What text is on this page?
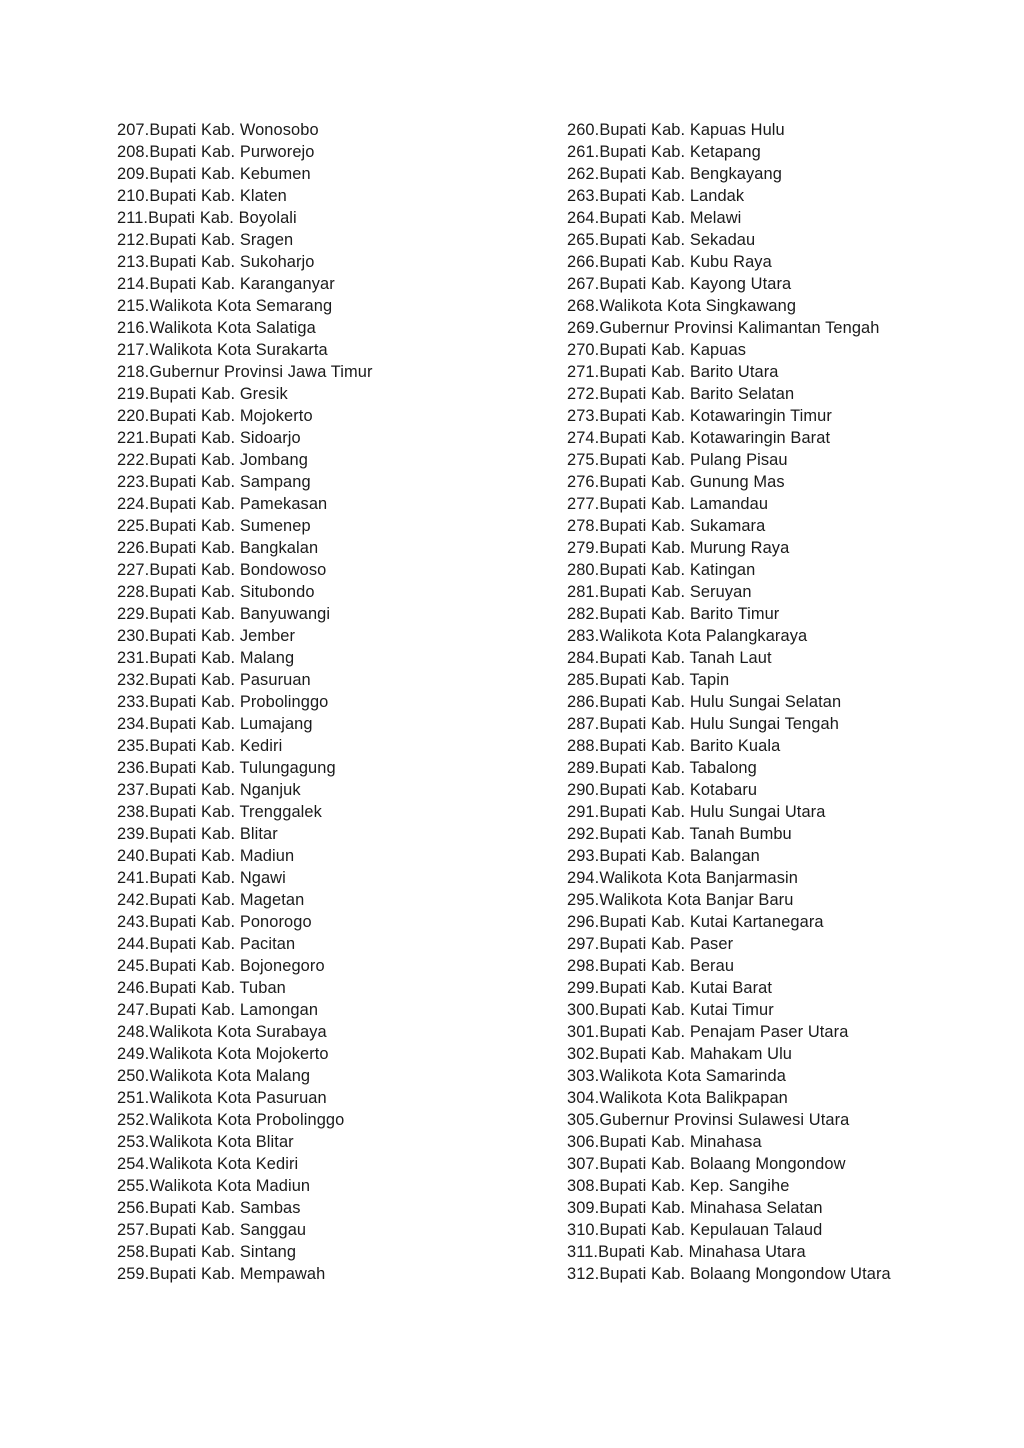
207.Bupati Kab. Wonosobo
208.Bupati Kab. Purworejo
209.Bupati Kab. Kebumen
210.Bupati Kab. Klaten
211.Bupati Kab. Boyolali
212.Bupati Kab. Sragen
213.Bupati Kab. Sukoharjo
214.Bupati Kab. Karanganyar
215.Walikota Kota Semarang
216.Walikota Kota Salatiga
217.Walikota Kota Surakarta
218.Gubernur Provinsi Jawa Timur
219.Bupati Kab. Gresik
220.Bupati Kab. Mojokerto
221.Bupati Kab. Sidoarjo
222.Bupati Kab. Jombang
223.Bupati Kab. Sampang
224.Bupati Kab. Pamekasan
225.Bupati Kab. Sumenep
226.Bupati Kab. Bangkalan
227.Bupati Kab. Bondowoso
228.Bupati Kab. Situbondo
229.Bupati Kab. Banyuwangi
230.Bupati Kab. Jember
231.Bupati Kab. Malang
232.Bupati Kab. Pasuruan
233.Bupati Kab. Probolinggo
234.Bupati Kab. Lumajang
235.Bupati Kab. Kediri
236.Bupati Kab. Tulungagung
237.Bupati Kab. Nganjuk
238.Bupati Kab. Trenggalek
239.Bupati Kab. Blitar
240.Bupati Kab. Madiun
241.Bupati Kab. Ngawi
242.Bupati Kab. Magetan
243.Bupati Kab. Ponorogo
244.Bupati Kab. Pacitan
245.Bupati Kab. Bojonegoro
246.Bupati Kab. Tuban
247.Bupati Kab. Lamongan
248.Walikota Kota Surabaya
249.Walikota Kota Mojokerto
250.Walikota Kota Malang
251.Walikota Kota Pasuruan
252.Walikota Kota Probolinggo
253.Walikota Kota Blitar
254.Walikota Kota Kediri
255.Walikota Kota Madiun
256.Bupati Kab. Sambas
257.Bupati Kab. Sanggau
258.Bupati Kab. Sintang
259.Bupati Kab. Mempawah
260.Bupati Kab. Kapuas Hulu
261.Bupati Kab. Ketapang
262.Bupati Kab. Bengkayang
263.Bupati Kab. Landak
264.Bupati Kab. Melawi
265.Bupati Kab. Sekadau
266.Bupati Kab. Kubu Raya
267.Bupati Kab. Kayong Utara
268.Walikota Kota Singkawang
269.Gubernur Provinsi Kalimantan Tengah
270.Bupati Kab. Kapuas
271.Bupati Kab. Barito Utara
272.Bupati Kab. Barito Selatan
273.Bupati Kab. Kotawaringin Timur
274.Bupati Kab. Kotawaringin Barat
275.Bupati Kab. Pulang Pisau
276.Bupati Kab. Gunung Mas
277.Bupati Kab. Lamandau
278.Bupati Kab. Sukamara
279.Bupati Kab. Murung Raya
280.Bupati Kab. Katingan
281.Bupati Kab. Seruyan
282.Bupati Kab. Barito Timur
283.Walikota Kota Palangkaraya
284.Bupati Kab. Tanah Laut
285.Bupati Kab. Tapin
286.Bupati Kab. Hulu Sungai Selatan
287.Bupati Kab. Hulu Sungai Tengah
288.Bupati Kab. Barito Kuala
289.Bupati Kab. Tabalong
290.Bupati Kab. Kotabaru
291.Bupati Kab. Hulu Sungai Utara
292.Bupati Kab. Tanah Bumbu
293.Bupati Kab. Balangan
294.Walikota Kota Banjarmasin
295.Walikota Kota Banjar Baru
296.Bupati Kab. Kutai Kartanegara
297.Bupati Kab. Paser
298.Bupati Kab. Berau
299.Bupati Kab. Kutai Barat
300.Bupati Kab. Kutai Timur
301.Bupati Kab. Penajam Paser Utara
302.Bupati Kab. Mahakam Ulu
303.Walikota Kota Samarinda
304.Walikota Kota Balikpapan
305.Gubernur Provinsi Sulawesi Utara
306.Bupati Kab. Minahasa
307.Bupati Kab. Bolaang Mongondow
308.Bupati Kab. Kep. Sangihe
309.Bupati Kab. Minahasa Selatan
310.Bupati Kab. Kepulauan Talaud
311.Bupati Kab. Minahasa Utara
312.Bupati Kab. Bolaang Mongondow Utara
